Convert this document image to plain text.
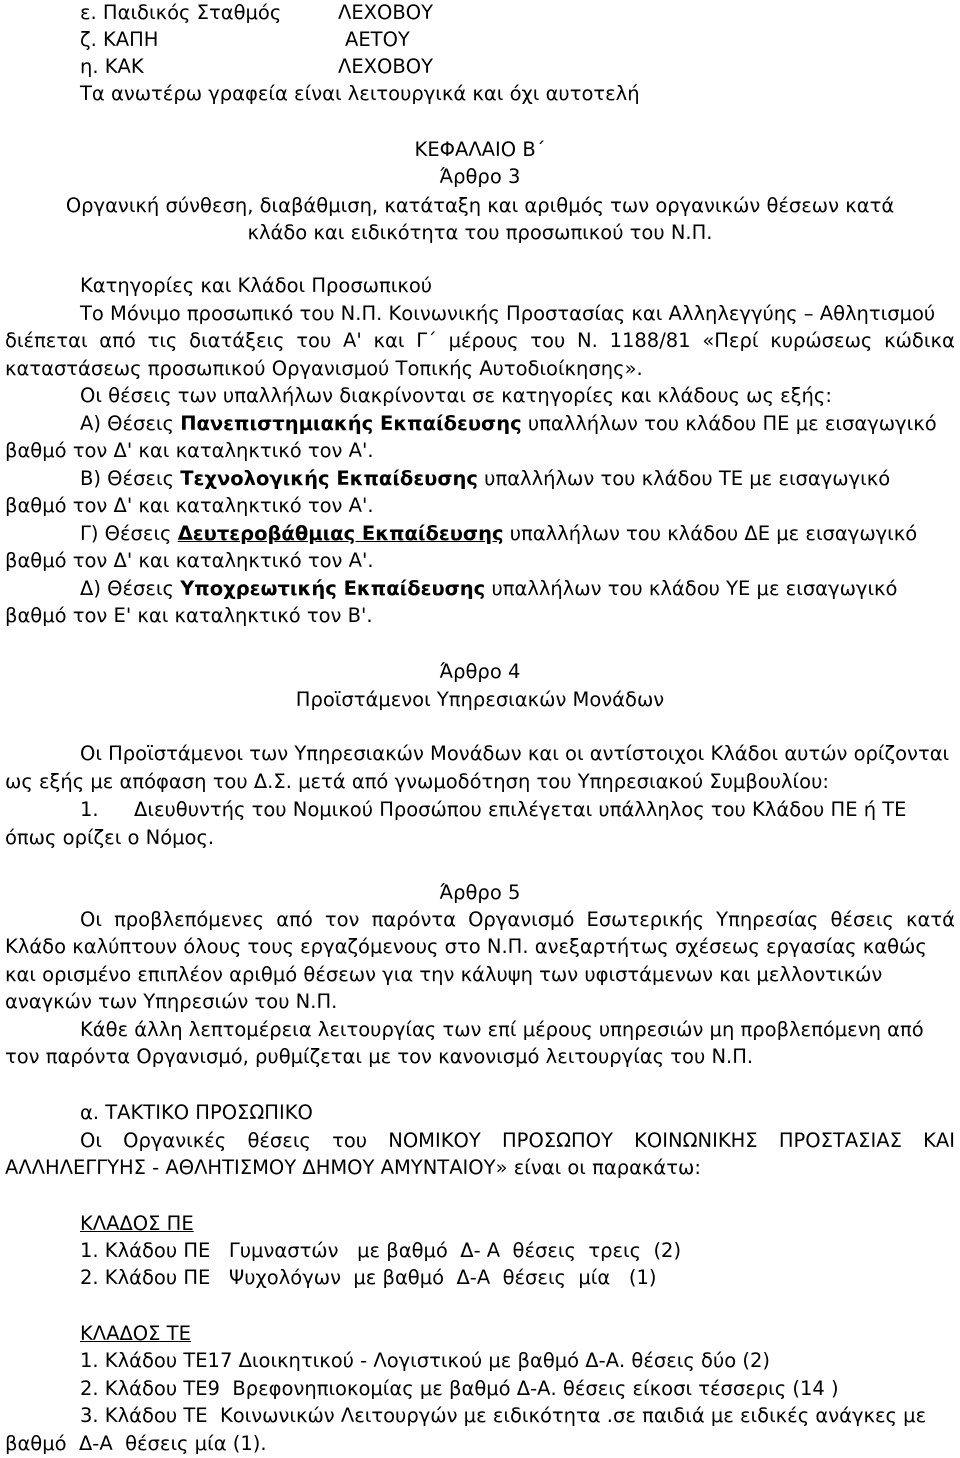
ε. Παιδικός Σταθμός	ΛΕΧΟΒΟΥ
ζ. ΚΑΠΗ	ΑΕΤΟΥ
η. ΚΑΚ	ΛΕΧΟΒΟΥ
Τα ανωτέρω γραφεία είναι λειτουργικά και όχι αυτοτελή
ΚΕΦΑΛΑΙΟ Β΄
Άρθρο 3
Οργανική σύνθεση, διαβάθμιση, κατάταξη και αριθμός των οργανικών θέσεων κατά
κλάδο και ειδικότητα του προσωπικού του Ν.Π.
Κατηγορίες και Κλάδοι Προσωπικού
Το Μόνιμο προσωπικό του Ν.Π. Κοινωνικής Προστασίας και Αλληλεγγύης – Αθλητισμού
διέπεται από τις διατάξεις του Α' και Γ΄ μέρους του Ν. 1188/81 «Περί κυρώσεως κώδικα
καταστάσεως προσωπικού Οργανισμού Τοπικής Αυτοδιοίκησης».
Οι θέσεις των υπαλλήλων διακρίνονται σε κατηγορίες και κλάδους ως εξής:
Α) Θέσεις Πανεπιστημιακής Εκπαίδευσης υπαλλήλων του κλάδου ΠΕ με εισαγωγικό
βαθμό τον Δ' και καταληκτικό τον Α'.
Β) Θέσεις Τεχνολογικής Εκπαίδευσης υπαλλήλων του κλάδου ΤΕ με εισαγωγικό
βαθμό τον Δ' και καταληκτικό τον Α'.
Γ) Θέσεις Δευτεροβάθμιας Εκπαίδευσης υπαλλήλων του κλάδου ΔΕ με εισαγωγικό
βαθμό τον Δ' και καταληκτικό τον Α'.
Δ) Θέσεις Υποχρεωτικής Εκπαίδευσης υπαλλήλων του κλάδου ΥΕ με εισαγωγικό
βαθμό τον Ε' και καταληκτικό τον Β'.
Άρθρο 4
Προϊστάμενοι Υπηρεσιακών Μονάδων
Οι Προϊστάμενοι των Υπηρεσιακών Μονάδων και οι αντίστοιχοι Κλάδοι αυτών ορίζονται
ως εξής με απόφαση του Δ.Σ. μετά από γνωμοδότηση του Υπηρεσιακού Συμβουλίου:
1.	Διευθυντής του Νομικού Προσώπου επιλέγεται υπάλληλος του Κλάδου ΠΕ ή ΤΕ
όπως ορίζει ο Νόμος.
Άρθρο 5
Οι προβλεπόμενες από τον παρόντα Οργανισμό Εσωτερικής Υπηρεσίας θέσεις κατά
Κλάδο καλύπτουν όλους τους εργαζόμενους στο Ν.Π. ανεξαρτήτως σχέσεως εργασίας καθώς
και ορισμένο επιπλέον αριθμό θέσεων για την κάλυψη των υφιστάμενων και μελλοντικών
αναγκών των Υπηρεσιών του Ν.Π.
Κάθε άλλη λεπτομέρεια λειτουργίας των επί μέρους υπηρεσιών μη προβλεπόμενη από
τον παρόντα Οργανισμό, ρυθμίζεται με τον κανονισμό λειτουργίας του Ν.Π.
α. ΤΑΚΤΙΚΟ ΠΡΟΣΩΠΙΚΟ
Οι Οργανικές θέσεις του ΝΟΜΙΚΟΥ ΠΡΟΣΩΠΟΥ ΚΟΙΝΩΝΙΚΗΣ ΠΡΟΣΤΑΣΙΑΣ ΚΑΙ
ΑΛΛΗΛΕΓΓΥΗΣ - ΑΘΛΗΤΙΣΜΟΥ ΔΗΜΟΥ ΑΜΥΝΤΑΙΟΥ» είναι οι παρακάτω:
ΚΛΑΔΟΣ ΠΕ
1. Κλάδου ΠΕ   Γυμναστών   με βαθμό  Δ- Α  θέσεις  τρεις  (2)
2. Κλάδου ΠΕ   Ψυχολόγων  με βαθμό  Δ-Α  θέσεις  μία   (1)
ΚΛΑΔΟΣ ΤΕ
1. Κλάδου ΤΕ17 Διοικητικού - Λογιστικού με βαθμό Δ-Α. θέσεις δύο (2)
2. Κλάδου ΤΕ9  Βρεφονηπιοκομίας με βαθμό Δ-Α. θέσεις είκοσι τέσσερις (14 )
3. Κλάδου ΤΕ  Κοινωνικών Λειτουργών με ειδικότητα .σε παιδιά με ειδικές ανάγκες με
βαθμό  Δ-Α  θέσεις μία (1).
